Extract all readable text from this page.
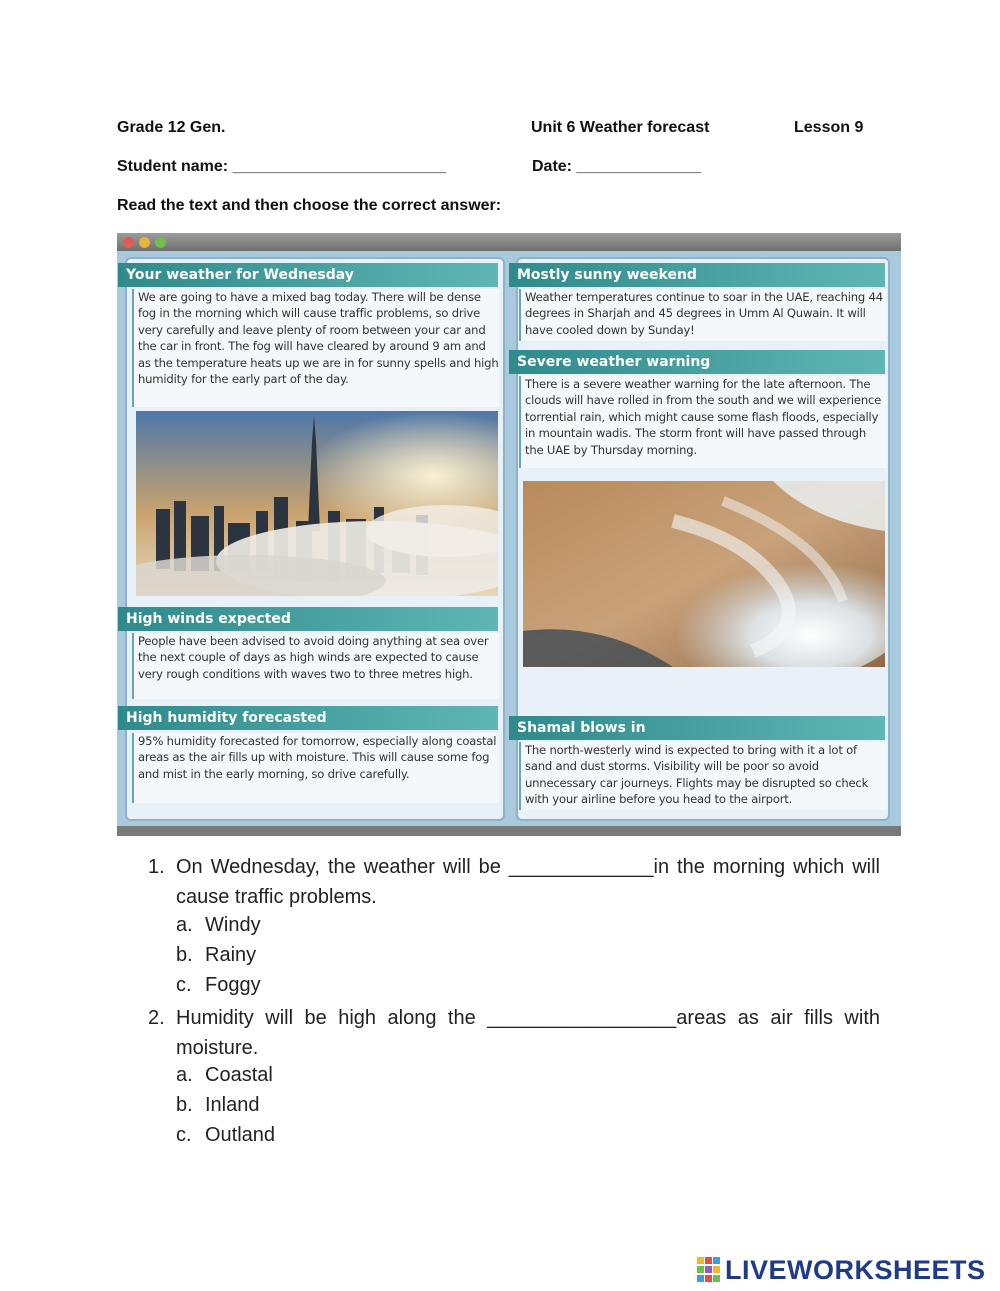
Grade 12 Gen.	Unit 6 Weather forecast	Lesson 9
Student name: ________________________	Date: ______________
Read the text and then choose the correct answer:
Your weather for Wednesday
We are going to have a mixed bag today. There will be dense fog in the morning which will cause traffic problems, so drive very carefully and leave plenty of room between your car and the car in front. The fog will have cleared by around 9 am and as the temperature heats up we are in for sunny spells and high humidity for the early part of the day.
High winds expected
People have been advised to avoid doing anything at sea over the next couple of days as high winds are expected to cause very rough conditions with waves two to three metres high.
High humidity forecasted
95% humidity forecasted for tomorrow, especially along coastal areas as the air fills up with moisture. This will cause some fog and mist in the early morning, so drive carefully.
Mostly sunny weekend
Weather temperatures continue to soar in the UAE, reaching 44 degrees in Sharjah and 45 degrees in Umm Al Quwain. It will have cooled down by Sunday!
Severe weather warning
There is a severe weather warning for the late afternoon. The clouds will have rolled in from the south and we will experience torrential rain, which might cause some flash floods, especially in mountain wadis. The storm front will have passed through the UAE by Thursday morning.
Shamal blows in
The north-westerly wind is expected to bring with it a lot of sand and dust storms. Visibility will be poor so avoid unnecessary car journeys. Flights may be disrupted so check with your airline before you head to the airport.
1. On Wednesday, the weather will be _____________in the morning which will cause traffic problems.
a. Windy
b. Rainy
c. Foggy
2. Humidity will be high along the _________________areas as air fills with moisture.
a. Coastal
b. Inland
c. Outland
LIVEWORKSHEETS
